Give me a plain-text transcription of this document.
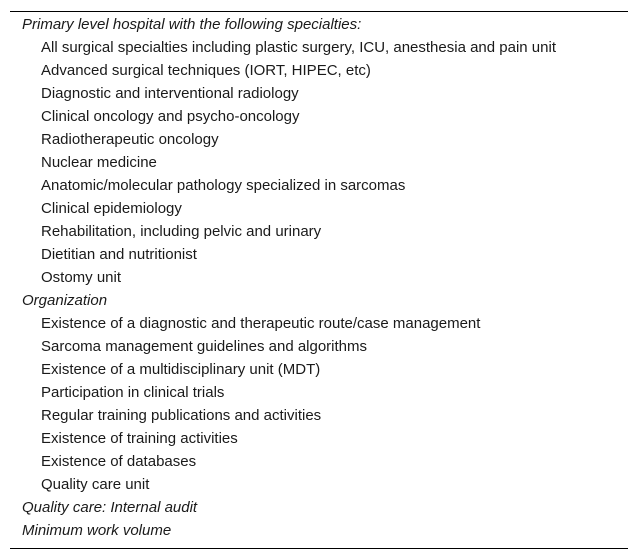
Primary level hospital with the following specialties:
All surgical specialties including plastic surgery, ICU, anesthesia and pain unit
Advanced surgical techniques (IORT, HIPEC, etc)
Diagnostic and interventional radiology
Clinical oncology and psycho-oncology
Radiotherapeutic oncology
Nuclear medicine
Anatomic/molecular pathology specialized in sarcomas
Clinical epidemiology
Rehabilitation, including pelvic and urinary
Dietitian and nutritionist
Ostomy unit
Organization
Existence of a diagnostic and therapeutic route/case management
Sarcoma management guidelines and algorithms
Existence of a multidisciplinary unit (MDT)
Participation in clinical trials
Regular training publications and activities
Existence of training activities
Existence of databases
Quality care unit
Quality care: Internal audit
Minimum work volume
